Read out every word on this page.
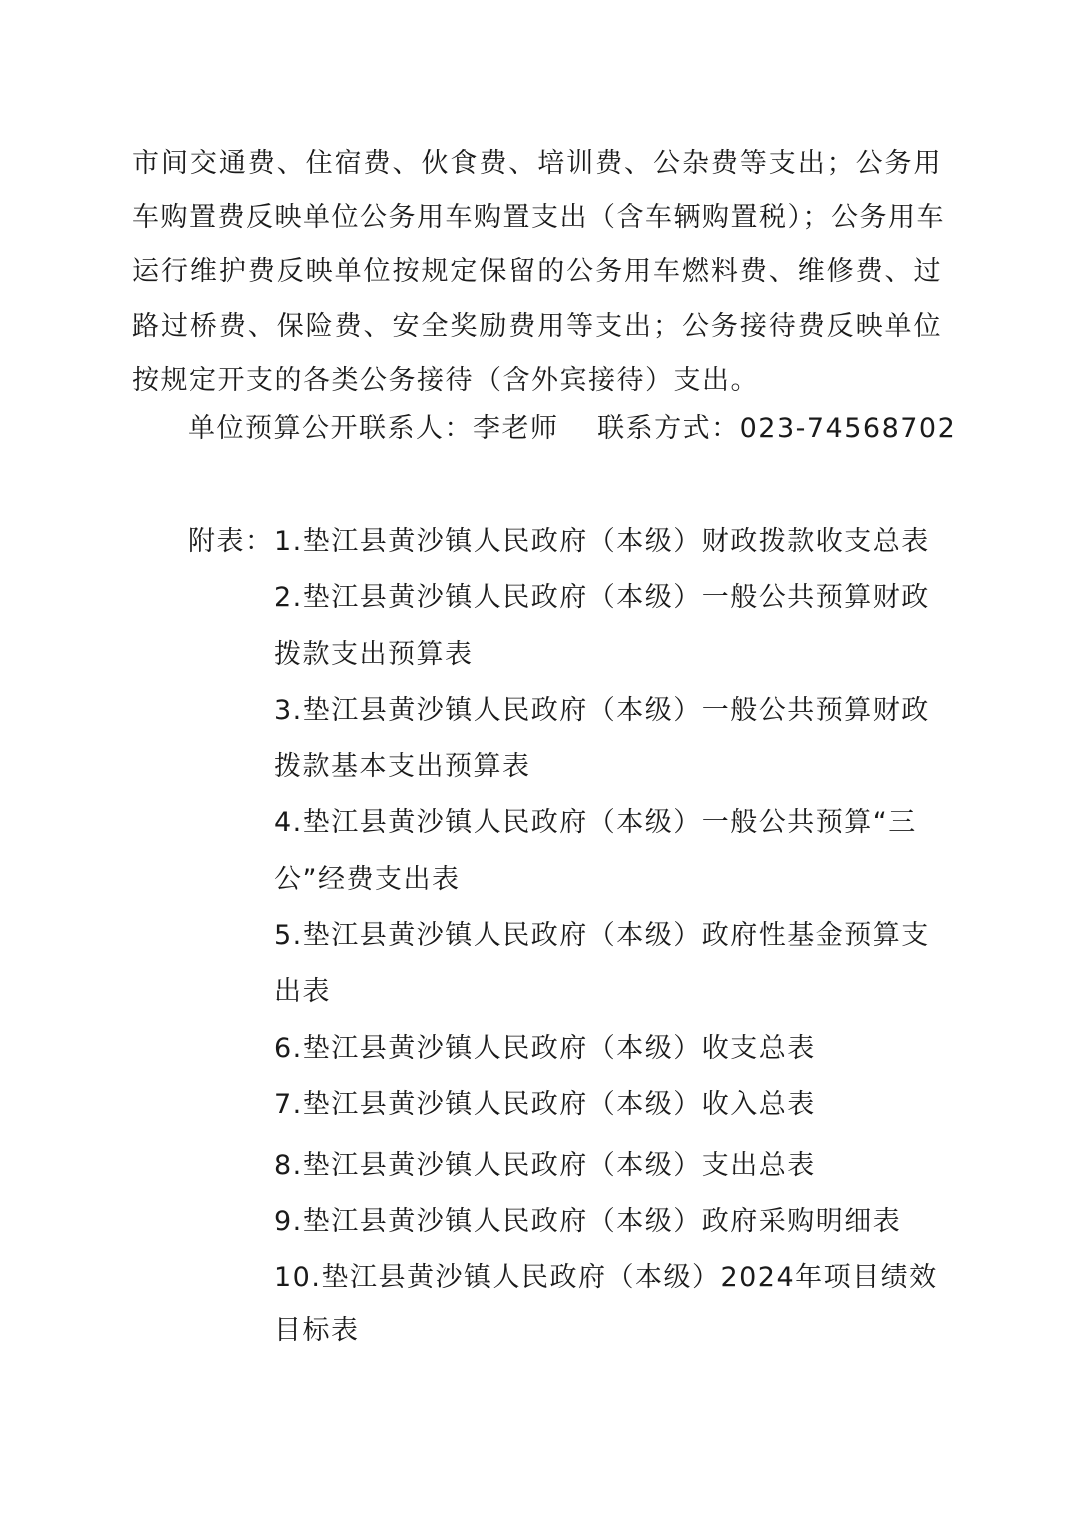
市间交通费、住宿费、伙食费、培训费、公杂费等支出；公务用
车购置费反映单位公务用车购置支出（含车辆购置税）；公务用车
运行维护费反映单位按规定保留的公务用车燃料费、维修费、过
路过桥费、保险费、安全奖励费用等支出；公务接待费反映单位
按规定开支的各类公务接待（含外宾接待）支出。
单位预算公开联系人：李老师　 联系方式：023-74568702
附表： 1.垫江县黄沙镇人民政府（本级）财政拨款收支总表
2.垫江县黄沙镇人民政府（本级）一般公共预算财政
拨款支出预算表
3.垫江县黄沙镇人民政府（本级）一般公共预算财政
拨款基本支出预算表
4.垫江县黄沙镇人民政府（本级）一般公共预算“三
公”经费支出表
5.垫江县黄沙镇人民政府（本级）政府性基金预算支
出表
6.垫江县黄沙镇人民政府（本级）收支总表
7.垫江县黄沙镇人民政府（本级）收入总表
8.垫江县黄沙镇人民政府（本级）支出总表
9.垫江县黄沙镇人民政府（本级）政府采购明细表
10.垫江县黄沙镇人民政府（本级）2024年项目绩效
目标表
